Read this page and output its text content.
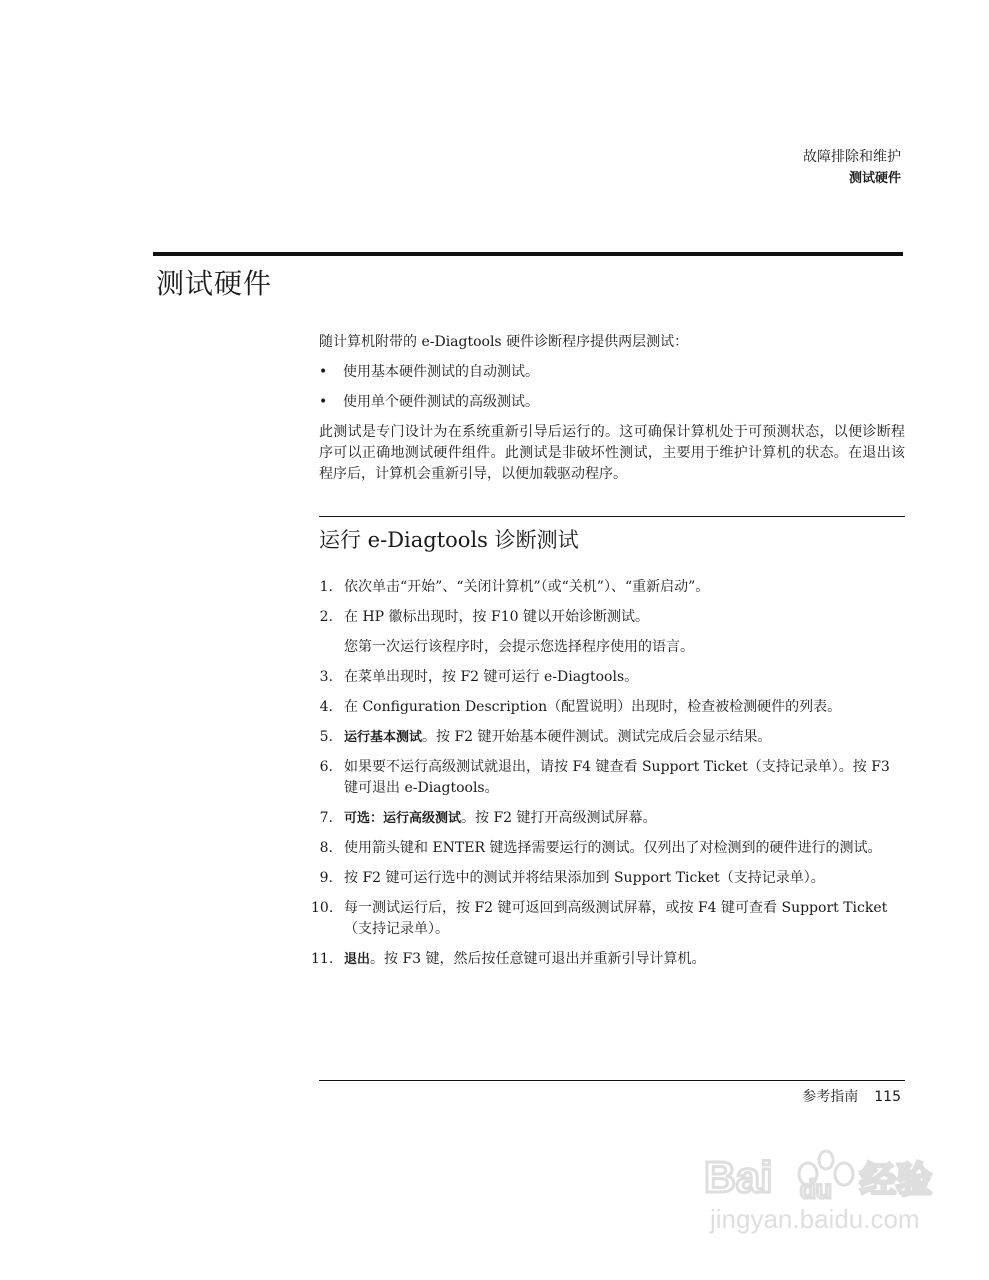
故障排除和维护
测试硬件
测试硬件

随计算机附带的 e-Diagtools 硬件诊断程序提供两层测试：

• 使用基本硬件测试的自动测试。
• 使用单个硬件测试的高级测试。

此测试是专门设计为在系统重新引导后运行的。这可确保计算机处于可预测状态，以便诊断程序可以正确地测试硬件组件。此测试是非破坏性测试，主要用于维护计算机的状态。在退出该程序后，计算机会重新引导，以便加载驱动程序。

运行 e-Diagtools 诊断测试
1. 依次单击“开始”、“关闭计算机”（或“关机”）、“重新启动”。
2. 在 HP 徽标出现时，按 F10 键以开始诊断测试。
您第一次运行该程序时，会提示您选择程序使用的语言。
3. 在菜单出现时，按 F2 键可运行 e-Diagtools。
4. 在 Configuration Description（配置说明）出现时，检查被检测硬件的列表。
5. 运行基本测试。按 F2 键开始基本硬件测试。测试完成后会显示结果。
6. 如果要不运行高级测试就退出，请按 F4 键查看 Support Ticket（支持记录单）。按 F3 键可退出 e-Diagtools。
7. 可选：运行高级测试。按 F2 键打开高级测试屏幕。
8. 使用箭头键和 ENTER 键选择需要运行的测试。仅列出了对检测到的硬件进行的测试。
9. 按 F2 键可运行选中的测试并将结果添加到 Support Ticket（支持记录单）。
10. 每一测试运行后，按 F2 键可返回到高级测试屏幕，或按 F4 键可查看 Support Ticket（支持记录单）。
11. 退出。按 F3 键，然后按任意键可退出并重新引导计算机。
参考指南 115
Bai du 经验
jingyan.baidu.com
